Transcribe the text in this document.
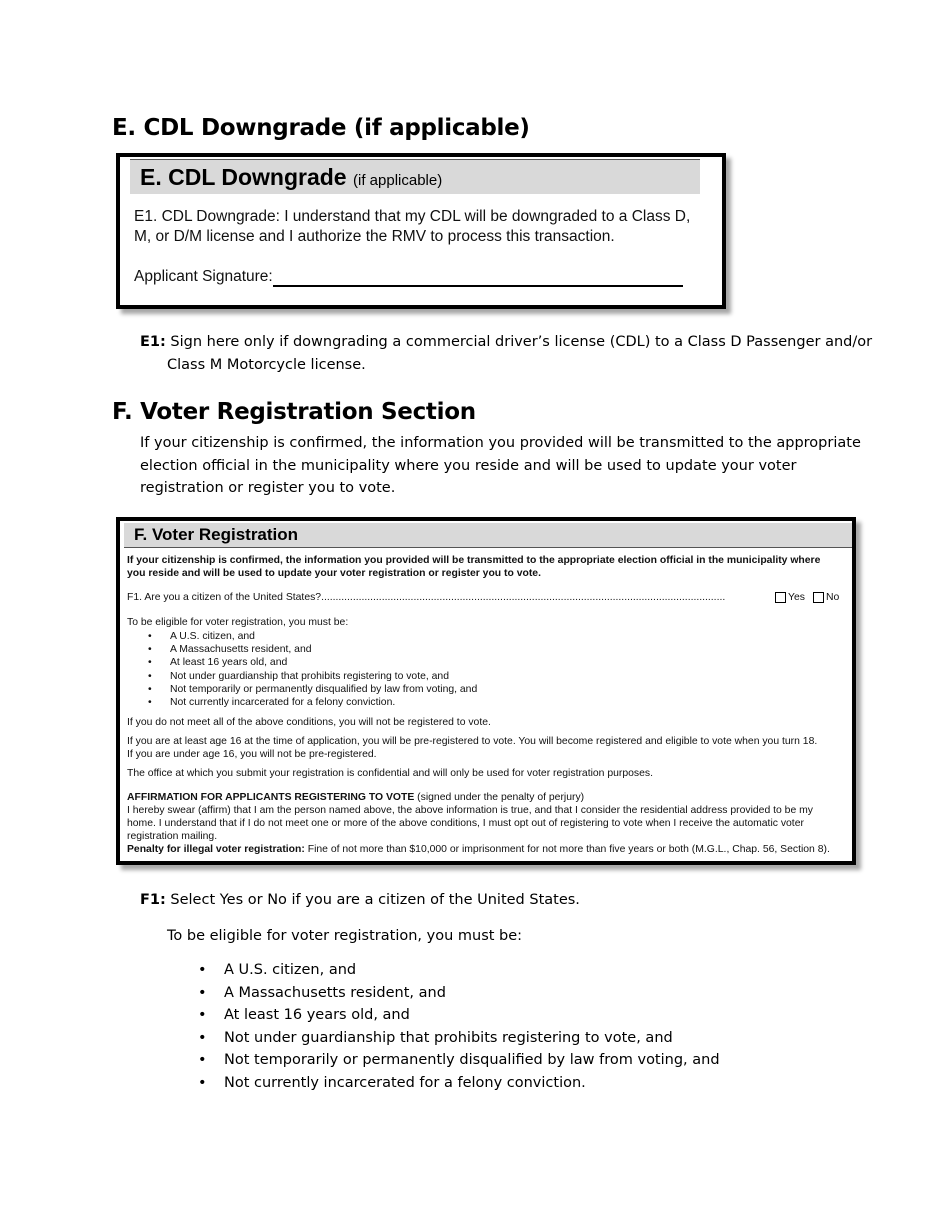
E. CDL Downgrade (if applicable)
E. CDL Downgrade (if applicable)
E1. CDL Downgrade: I understand that my CDL will be downgraded to a Class D,
M, or D/M license and I authorize the RMV to process this transaction.
Applicant Signature:
E1: Sign here only if downgrading a commercial driver’s license (CDL) to a Class D Passenger and/or
Class M Motorcycle license.
F. Voter Registration Section
If your citizenship is confirmed, the information you provided will be transmitted to the appropriate
election official in the municipality where you reside and will be used to update your voter
registration or register you to vote.
F. Voter Registration
If your citizenship is confirmed, the information you provided will be transmitted to the appropriate election official in the municipality where
you reside and will be used to update your voter registration or register you to vote.
F1. Are you a citizen of the United States?............................................................................................................................................	Yes No
To be eligible for voter registration, you must be:
• A U.S. citizen, and
• A Massachusetts resident, and
• At least 16 years old, and
• Not under guardianship that prohibits registering to vote, and
• Not temporarily or permanently disqualified by law from voting, and
• Not currently incarcerated for a felony conviction.
If you do not meet all of the above conditions, you will not be registered to vote.
If you are at least age 16 at the time of application, you will be pre-registered to vote. You will become registered and eligible to vote when you turn 18.
If you are under age 16, you will not be pre-registered.
The office at which you submit your registration is confidential and will only be used for voter registration purposes.
AFFIRMATION FOR APPLICANTS REGISTERING TO VOTE (signed under the penalty of perjury)
I hereby swear (affirm) that I am the person named above, the above information is true, and that I consider the residential address provided to be my
home. I understand that if I do not meet one or more of the above conditions, I must opt out of registering to vote when I receive the automatic voter
registration mailing.
Penalty for illegal voter registration: Fine of not more than $10,000 or imprisonment for not more than five years or both (M.G.L., Chap. 56, Section 8).
F1: Select Yes or No if you are a citizen of the United States.
To be eligible for voter registration, you must be:
• A U.S. citizen, and
• A Massachusetts resident, and
• At least 16 years old, and
• Not under guardianship that prohibits registering to vote, and
• Not temporarily or permanently disqualified by law from voting, and
• Not currently incarcerated for a felony conviction.
